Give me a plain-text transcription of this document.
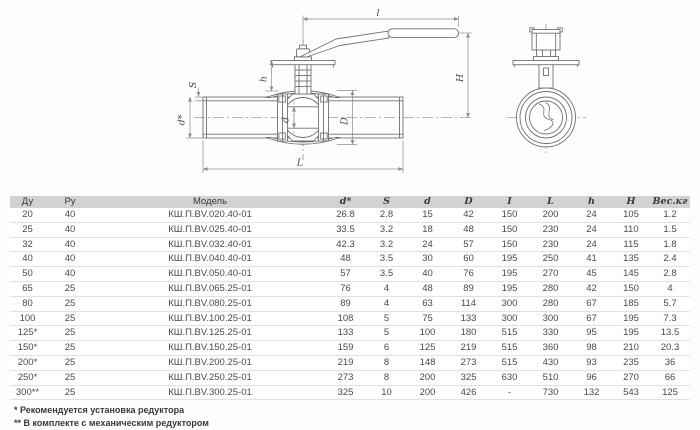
l
H
h
S
d*	d	D
L
Ду	Ру	Модель	d*	S	d	D	I	L	h	H	Вес.кг
20	40	КШ.П.BV.020.40-01	26.8	2.8	15	42	150	200	24	105	1.2
25	40	КШ.П.BV.025.40-01	33.5	3.2	18	48	150	230	24	110	1.5
32	40	КШ.П.BV.032.40-01	42.3	3.2	24	57	150	230	24	115	1.8
40	40	КШ.П.BV.040.40-01	48	3.5	30	60	195	250	41	135	2.4
50	40	КШ.П.BV.050.40-01	57	3.5	40	76	195	270	45	145	2.8
65	25	КШ.П.BV.065.25-01	76	4	48	89	195	280	42	150	4
80	25	КШ.П.BV.080.25-01	89	4	63	114	300	280	67	185	5.7
100	25	КШ.П.BV.100.25-01	108	5	75	133	300	300	67	195	7.3
125*	25	КШ.П.BV.125.25-01	133	5	100	180	515	330	95	195	13.5
150*	25	КШ.П.BV.150.25-01	159	6	125	219	515	360	98	210	20.3
200*	25	КШ.П.BV.200.25-01	219	8	148	273	515	430	93	235	36
250*	25	КШ.П.BV.250.25-01	273	8	200	325	630	510	96	270	66
300**	25	КШ.П.BV.300.25-01	325	10	200	426	-	730	132	543	125
* Рекомендуется установка редуктора
** В комплекте с механическим редуктором
